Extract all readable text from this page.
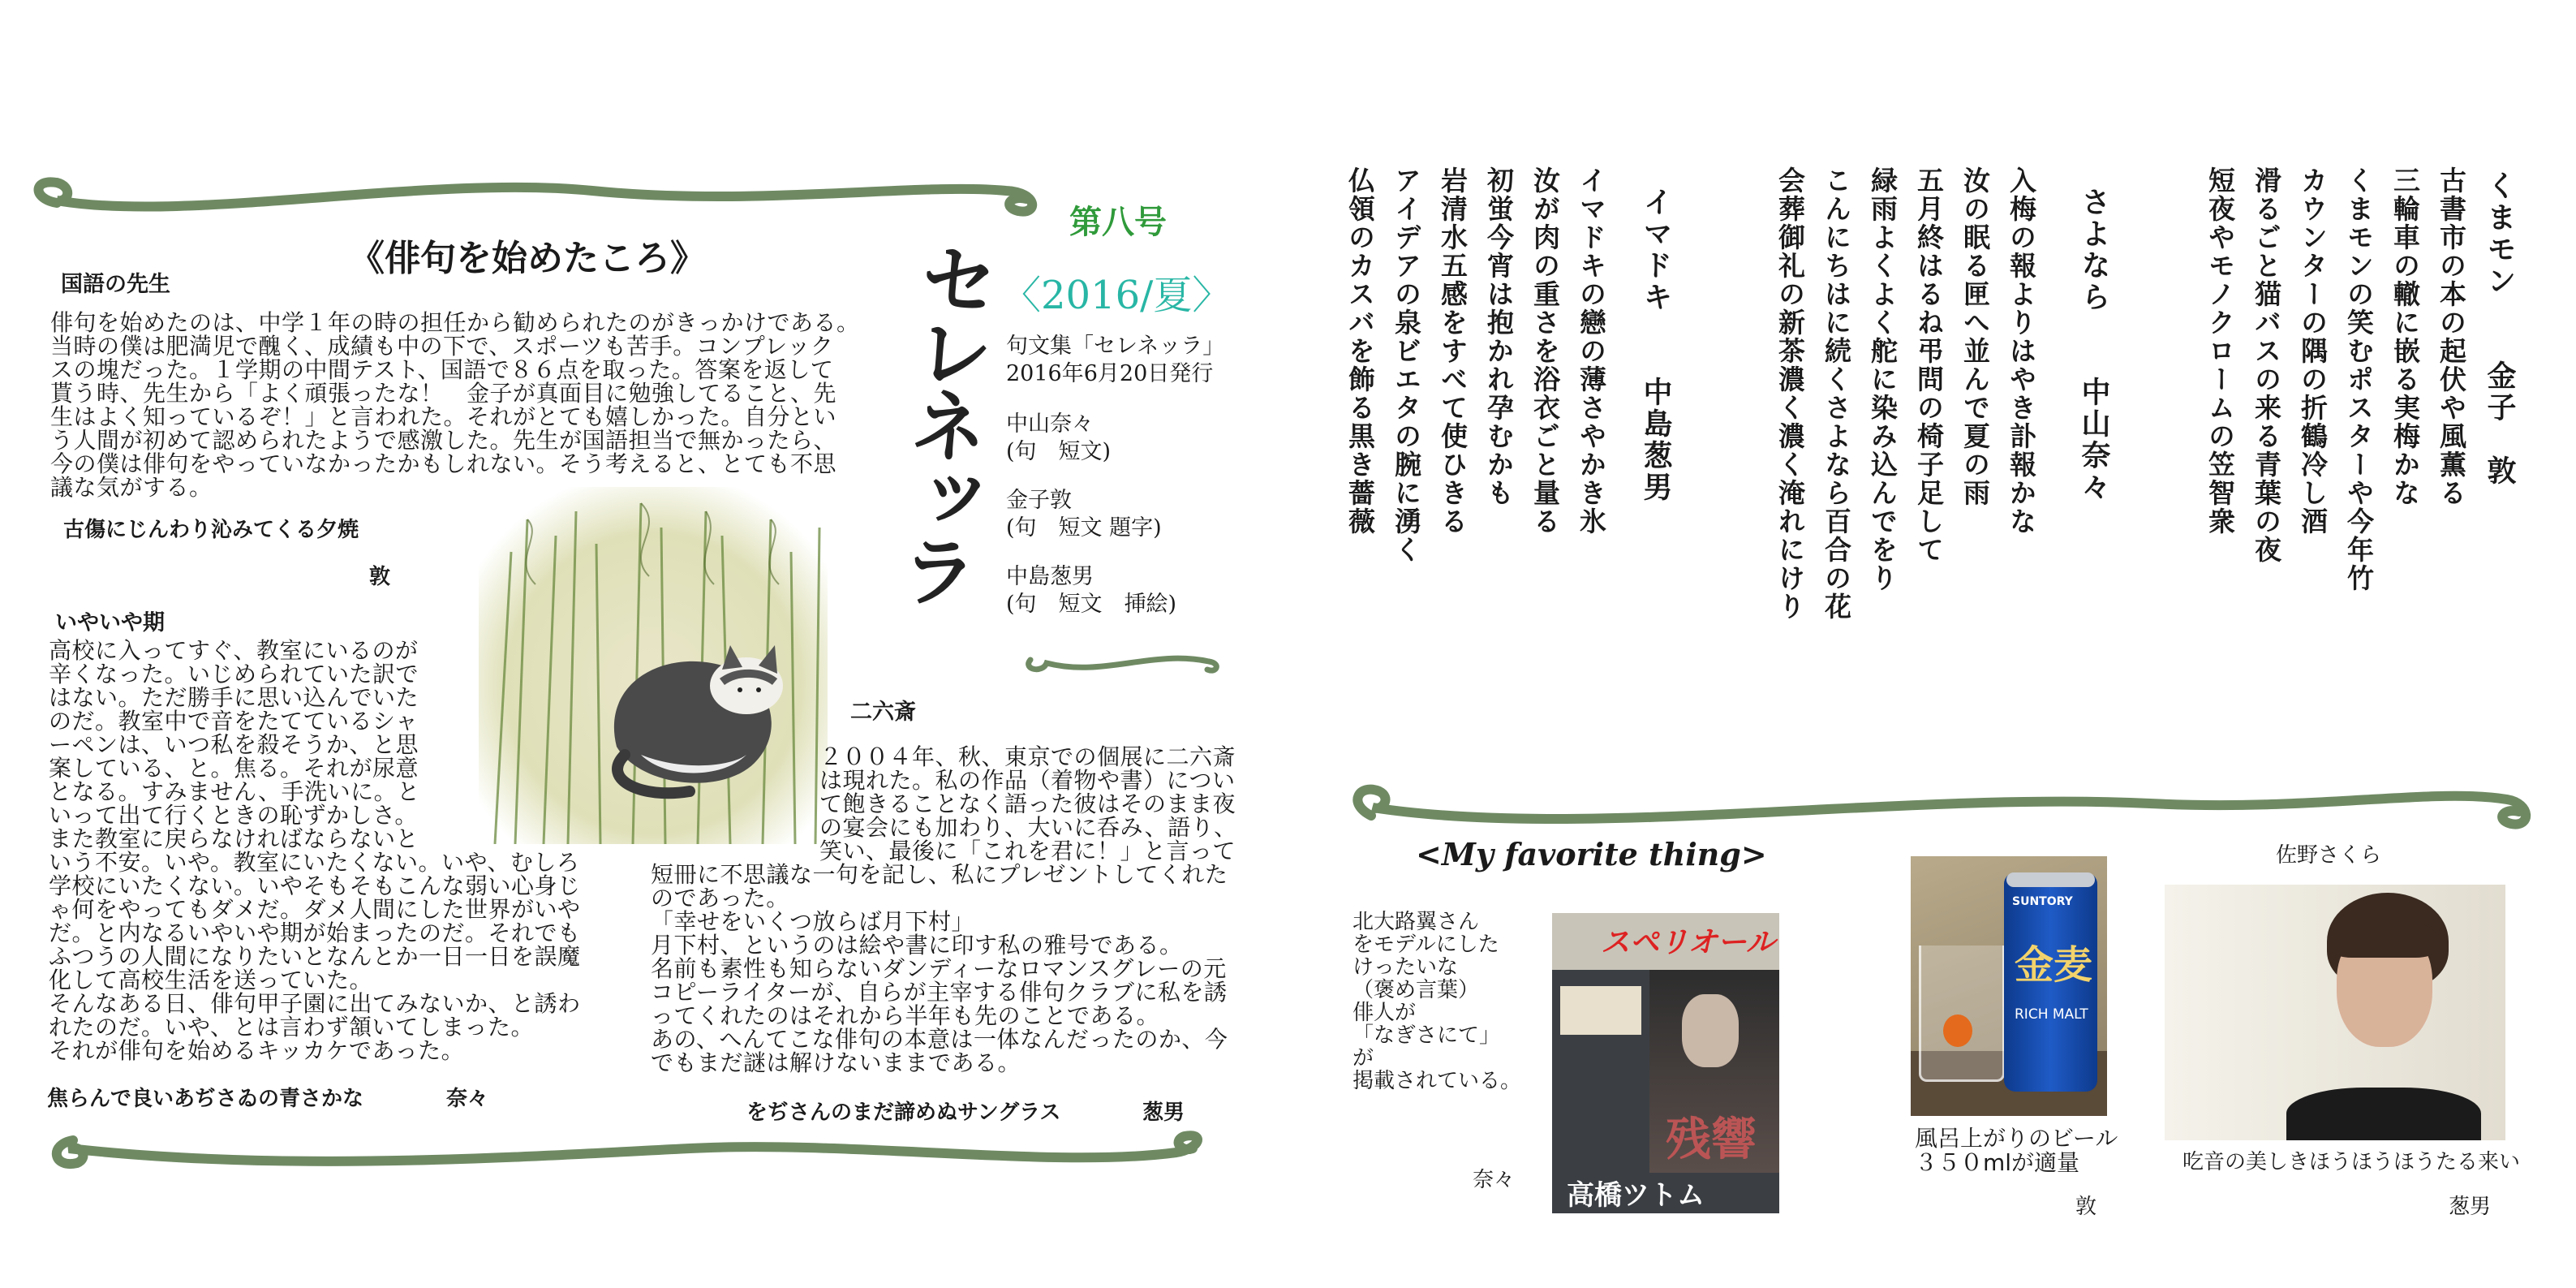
《俳句を始めたころ》
国語の先生
俳句を始めたのは、中学１年の時の担任から勧められたのがきっかけである。
当時の僕は肥満児で醜く、成績も中の下で、スポーツも苦手。コンプレック
スの塊だった。１学期の中間テスト、国語で８６点を取った。答案を返して
貰う時、先生から「よく頑張ったな！　金子が真面目に勉強してること、先
生はよく知っているぞ！」と言われた。それがとても嬉しかった。自分とい
う人間が初めて認められたようで感激した。先生が国語担当で無かったら、
今の僕は俳句をやっていなかったかもしれない。そう考えると、とても不思
議な気がする。
古傷にじんわり沁みてくる夕焼
敦
いやいや期
高校に入ってすぐ、教室にいるのが
辛くなった。いじめられていた訳で
はない。ただ勝手に思い込んでいた
のだ。教室中で音をたてているシャ
ーペンは、いつ私を殺そうか、と思
案している、と。焦る。それが尿意
となる。すみません、手洗いに。と
いって出て行くときの恥ずかしさ。
また教室に戻らなければならないと
いう不安。いや。教室にいたくない。いや、むしろ
学校にいたくない。いやそもそもこんな弱い心身じ
ゃ何をやってもダメだ。ダメ人間にした世界がいや
だ。と内なるいやいや期が始まったのだ。それでも
ふつうの人間になりたいとなんとか一日一日を誤魔
化して高校生活を送っていた。
そんなある日、俳句甲子園に出てみないか、と誘わ
れたのだ。いや、とは言わず頷いてしまった。
それが俳句を始めるキッカケであった。
焦らんで良いあぢさゐの青さかな	奈々
二六斎
２００４年、秋、東京での個展に二六斎
は現れた。私の作品（着物や書）につい
て飽きることなく語った彼はそのまま夜
の宴会にも加わり、大いに呑み、語り、
笑い、最後に「これを君に！」と言って
短冊に不思議な一句を記し、私にプレゼントしてくれた
のであった。
「幸せをいくつ放らば月下村」
月下村、というのは絵や書に印す私の雅号である。
名前も素性も知らないダンディーなロマンスグレーの元
コピーライターが、自らが主宰する俳句クラブに私を誘
ってくれたのはそれから半年も先のことである。
あの、へんてこな俳句の本意は一体なんだったのか、今
でもまだ謎は解けないままである。
をぢさんのまだ諦めぬサングラス	葱男
第八号
〈2016/夏〉
セレネッラ 句文集「セレネッラ」
2016年6月20日発行
中山奈々
(句　短文)
金子敦
(句　短文 題字)
中島葱男
(句　短文　挿絵)
くまモン　　金子　敦
古書市の本の起伏や風薫る
三輪車の轍に嵌る実梅かな
くまモンの笑むポスターや今年竹
カウンターの隅の折鶴冷し酒
滑るごと猫バスの来る青葉の夜
短夜やモノクロームの笠智衆
さよなら　　中山奈々
入梅の報よりはやき訃報かな
汝の眠る匣へ並んで夏の雨
五月終はるね弔問の椅子足して
緑雨よくよく舵に染み込んでをり
こんにちはに続くさよなら百合の花
会葬御礼の新茶濃く濃く淹れにけり
イマドキ　　中島葱男
イマドキの戀の薄さやかき氷
汝が肉の重さを浴衣ごと量る
初蛍今宵は抱かれ孕むかも
岩清水五感をすべて使ひきる
アイデアの泉ビエタの腕に湧く
仏領のカスバを飾る黒き薔薇
<My favorite thing>
北大路翼さん
をモデルにした
けったいな
（褒め言葉）
俳人が
「なぎさにて」
が
掲載されている。
奈々
スペリオール
残響
高橋ツトム
SUNTORY
金麦
RICH MALT
風呂上がりのビール
３５０mlが適量
敦
佐野さくら
吃音の美しきほうほうほうたる来い
葱男
